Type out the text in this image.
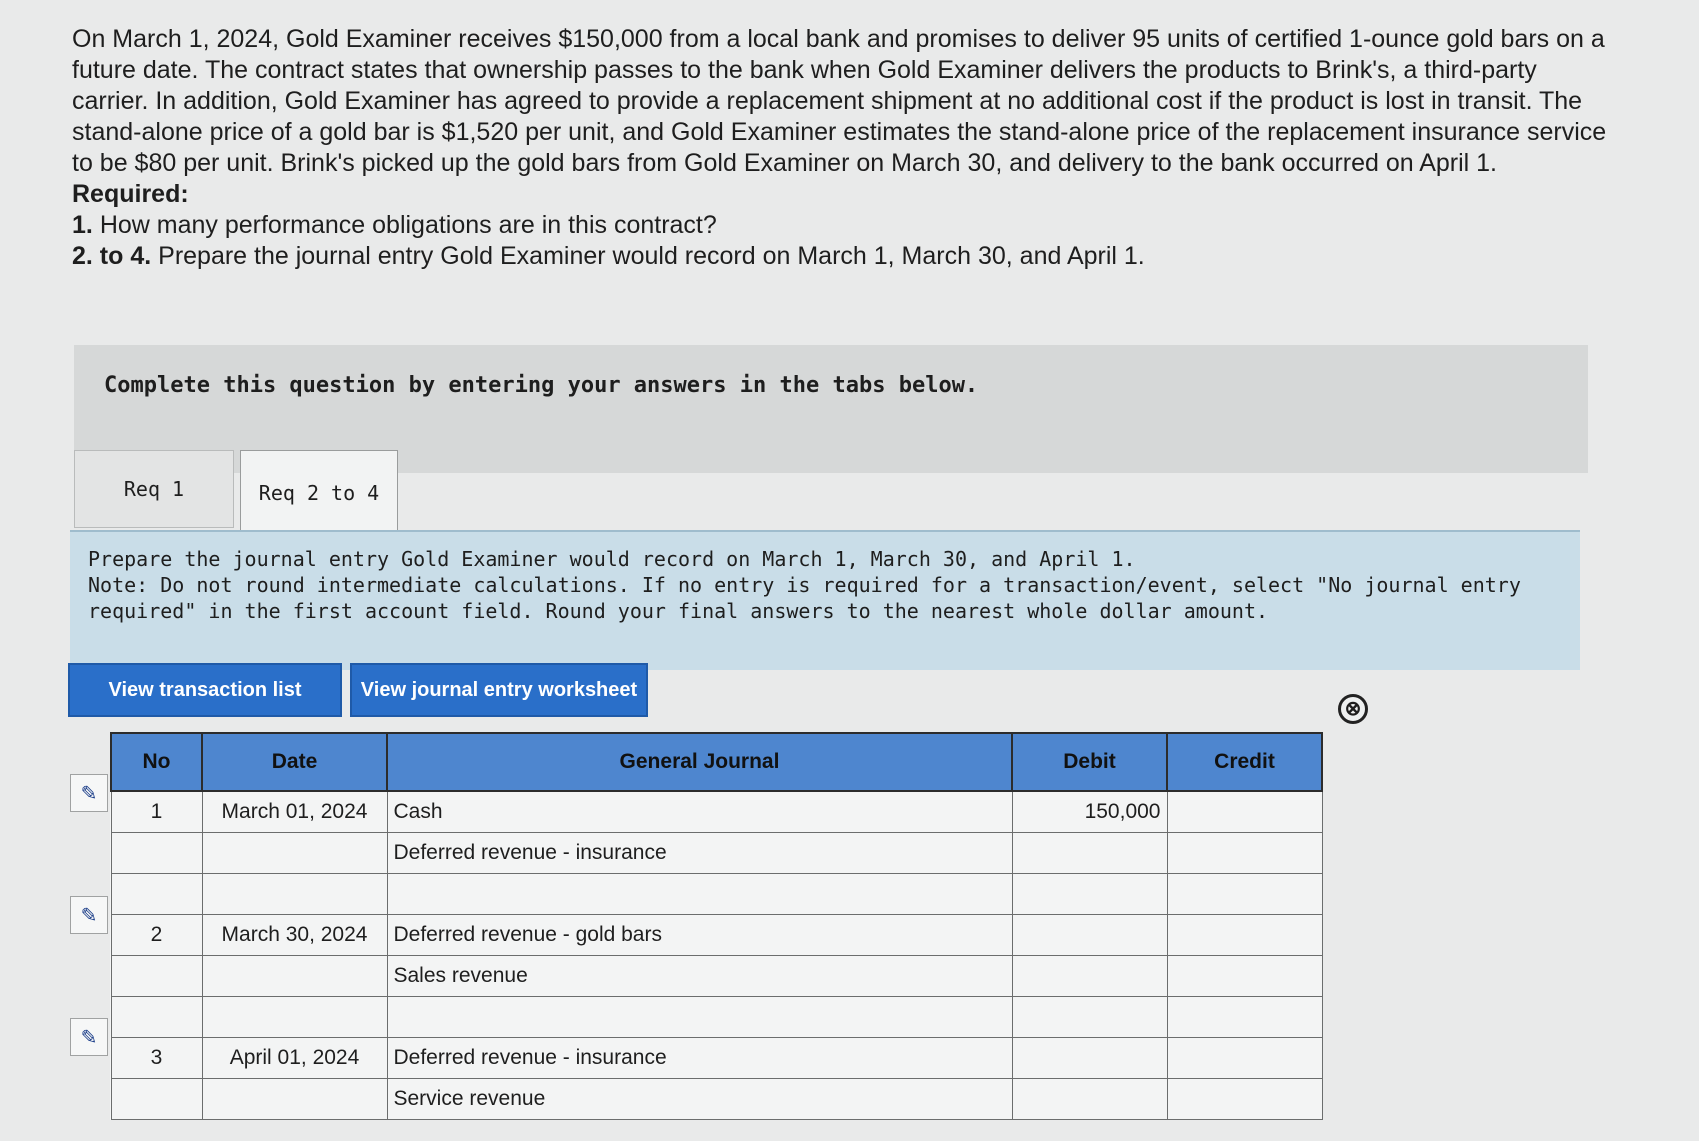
On March 1, 2024, Gold Examiner receives $150,000 from a local bank and promises to deliver 95 units of certified 1-ounce gold bars on a future date. The contract states that ownership passes to the bank when Gold Examiner delivers the products to Brink's, a third-party carrier. In addition, Gold Examiner has agreed to provide a replacement shipment at no additional cost if the product is lost in transit. The stand-alone price of a gold bar is $1,520 per unit, and Gold Examiner estimates the stand-alone price of the replacement insurance service to be $80 per unit. Brink's picked up the gold bars from Gold Examiner on March 30, and delivery to the bank occurred on April 1.

Required:

1. How many performance obligations are in this contract?
2. to 4. Prepare the journal entry Gold Examiner would record on March 1, March 30, and April 1.
Complete this question by entering your answers in the tabs below.
Req 1	Req 2 to 4

Prepare the journal entry Gold Examiner would record on March 1, March 30, and April 1.

Note: Do not round intermediate calculations. If no entry is required for a transaction/event, select "No journal entry required" in the first account field. Round your final answers to the nearest whole dollar amount.

View transaction list	View journal entry worksheet
⊗
✎
✎
✎
No	Date	General Journal	Debit	Credit
1	March 01, 2024	Cash	150,000	
		Deferred revenue - insurance		

2	March 30, 2024	Deferred revenue - gold bars		
		Sales revenue		

3	April 01, 2024	Deferred revenue - insurance		
		Service revenue		
